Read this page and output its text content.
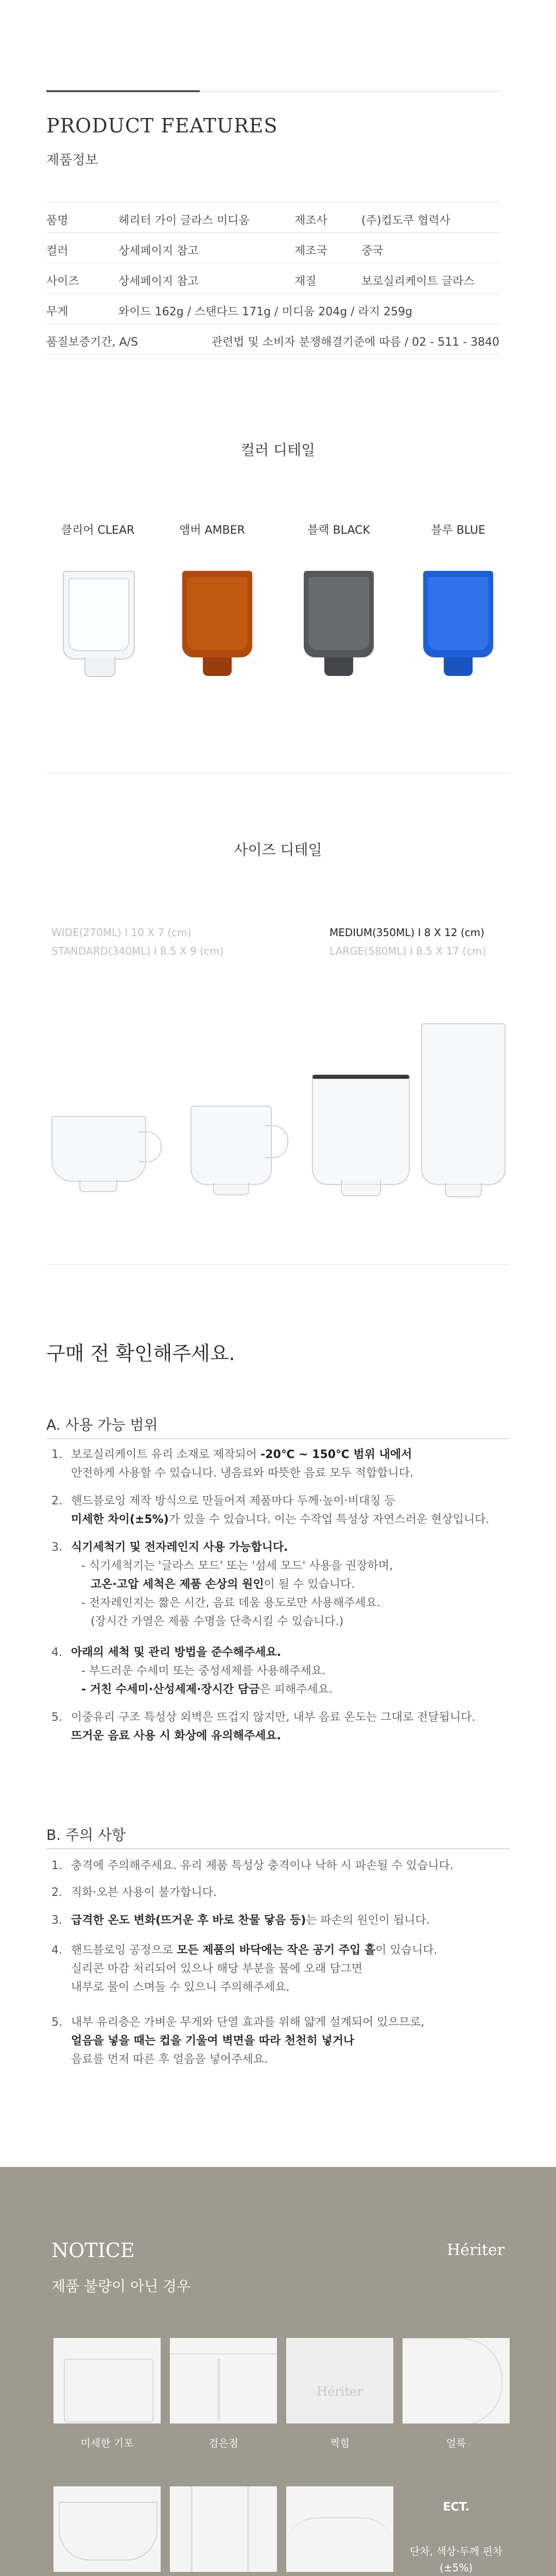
PRODUCT FEATURES
제품정보
품명	헤리터 가이 글라스 미디움	제조사	(주)컵도쿠 협력사
컬러	상세페이지 참고	제조국	중국
사이즈	상세페이지 참고	재질	보로실리케이트 글라스
무게	와이드 162g / 스탠다드 171g / 미디움 204g / 라지 259g
품질보증기간, A/S	관련법 및 소비자 분쟁해결기준에 따름 / 02 - 511 - 3840
컬러 디테일
클리어 CLEAR	앰버 AMBER	블랙 BLACK	블루 BLUE
사이즈 디테일
WIDE(270ML) I 10 X 7 (cm)
STANDARD(340ML) I 8.5 X 9 (cm)
MEDIUM(350ML) I 8 X 12 (cm)
LARGE(580ML) I 8.5 X 17 (cm)
구매 전 확인해주세요.
A. 사용 가능 범위
1. 보로실리케이트 유리 소재로 제작되어 -20℃ ~ 150℃ 범위 내에서
안전하게 사용할 수 있습니다. 냉음료와 따뜻한 음료 모두 적합합니다.
2. 핸드블로잉 제작 방식으로 만들어져 제품마다 두께·높이·비대칭 등
미세한 차이(±5%)가 있을 수 있습니다. 이는 수작업 특성상 자연스러운 현상입니다.
3. 식기세척기 및 전자레인지 사용 가능합니다.
- 식기세척기는 '글라스 모드' 또는 '섬세 모드' 사용을 권장하며,
고온·고압 세척은 제품 손상의 원인이 될 수 있습니다.
- 전자레인지는 짧은 시간, 음료 데움 용도로만 사용해주세요.
(장시간 가열은 제품 수명을 단축시킬 수 있습니다.)
4. 아래의 세척 및 관리 방법을 준수해주세요.
- 부드러운 수세미 또는 중성세제를 사용해주세요.
- 거친 수세미·산성세제·장시간 담금은 피해주세요.
5. 이중유리 구조 특성상 외벽은 뜨겁지 않지만, 내부 음료 온도는 그대로 전달됩니다.
뜨거운 음료 사용 시 화상에 유의해주세요.
B. 주의 사항
1. 충격에 주의해주세요. 유리 제품 특성상 충격이나 낙하 시 파손될 수 있습니다.
2. 직화·오븐 사용이 불가합니다.
3. 급격한 온도 변화(뜨거운 후 바로 찬물 닿음 등)는 파손의 원인이 됩니다.
4. 핸드블로잉 공정으로 모든 제품의 바닥에는 작은 공기 주입 홀이 있습니다.
실리콘 마감 처리되어 있으나 해당 부분을 물에 오래 담그면
내부로 물이 스며들 수 있으니 주의해주세요.
5. 내부 유리층은 가벼운 무게와 단열 효과를 위해 얇게 설계되어 있으므로,
얼음을 넣을 때는 컵을 기울여 벽면을 따라 천천히 넣거나
음료를 먼저 따른 후 얼음을 넣어주세요.
NOTICE	Hériter
제품 불량이 아닌 경우
Hériter
미세한 기포	검은점	찍힘	얼룩
ECT.
단차, 색상·두께 편차(±5%)
